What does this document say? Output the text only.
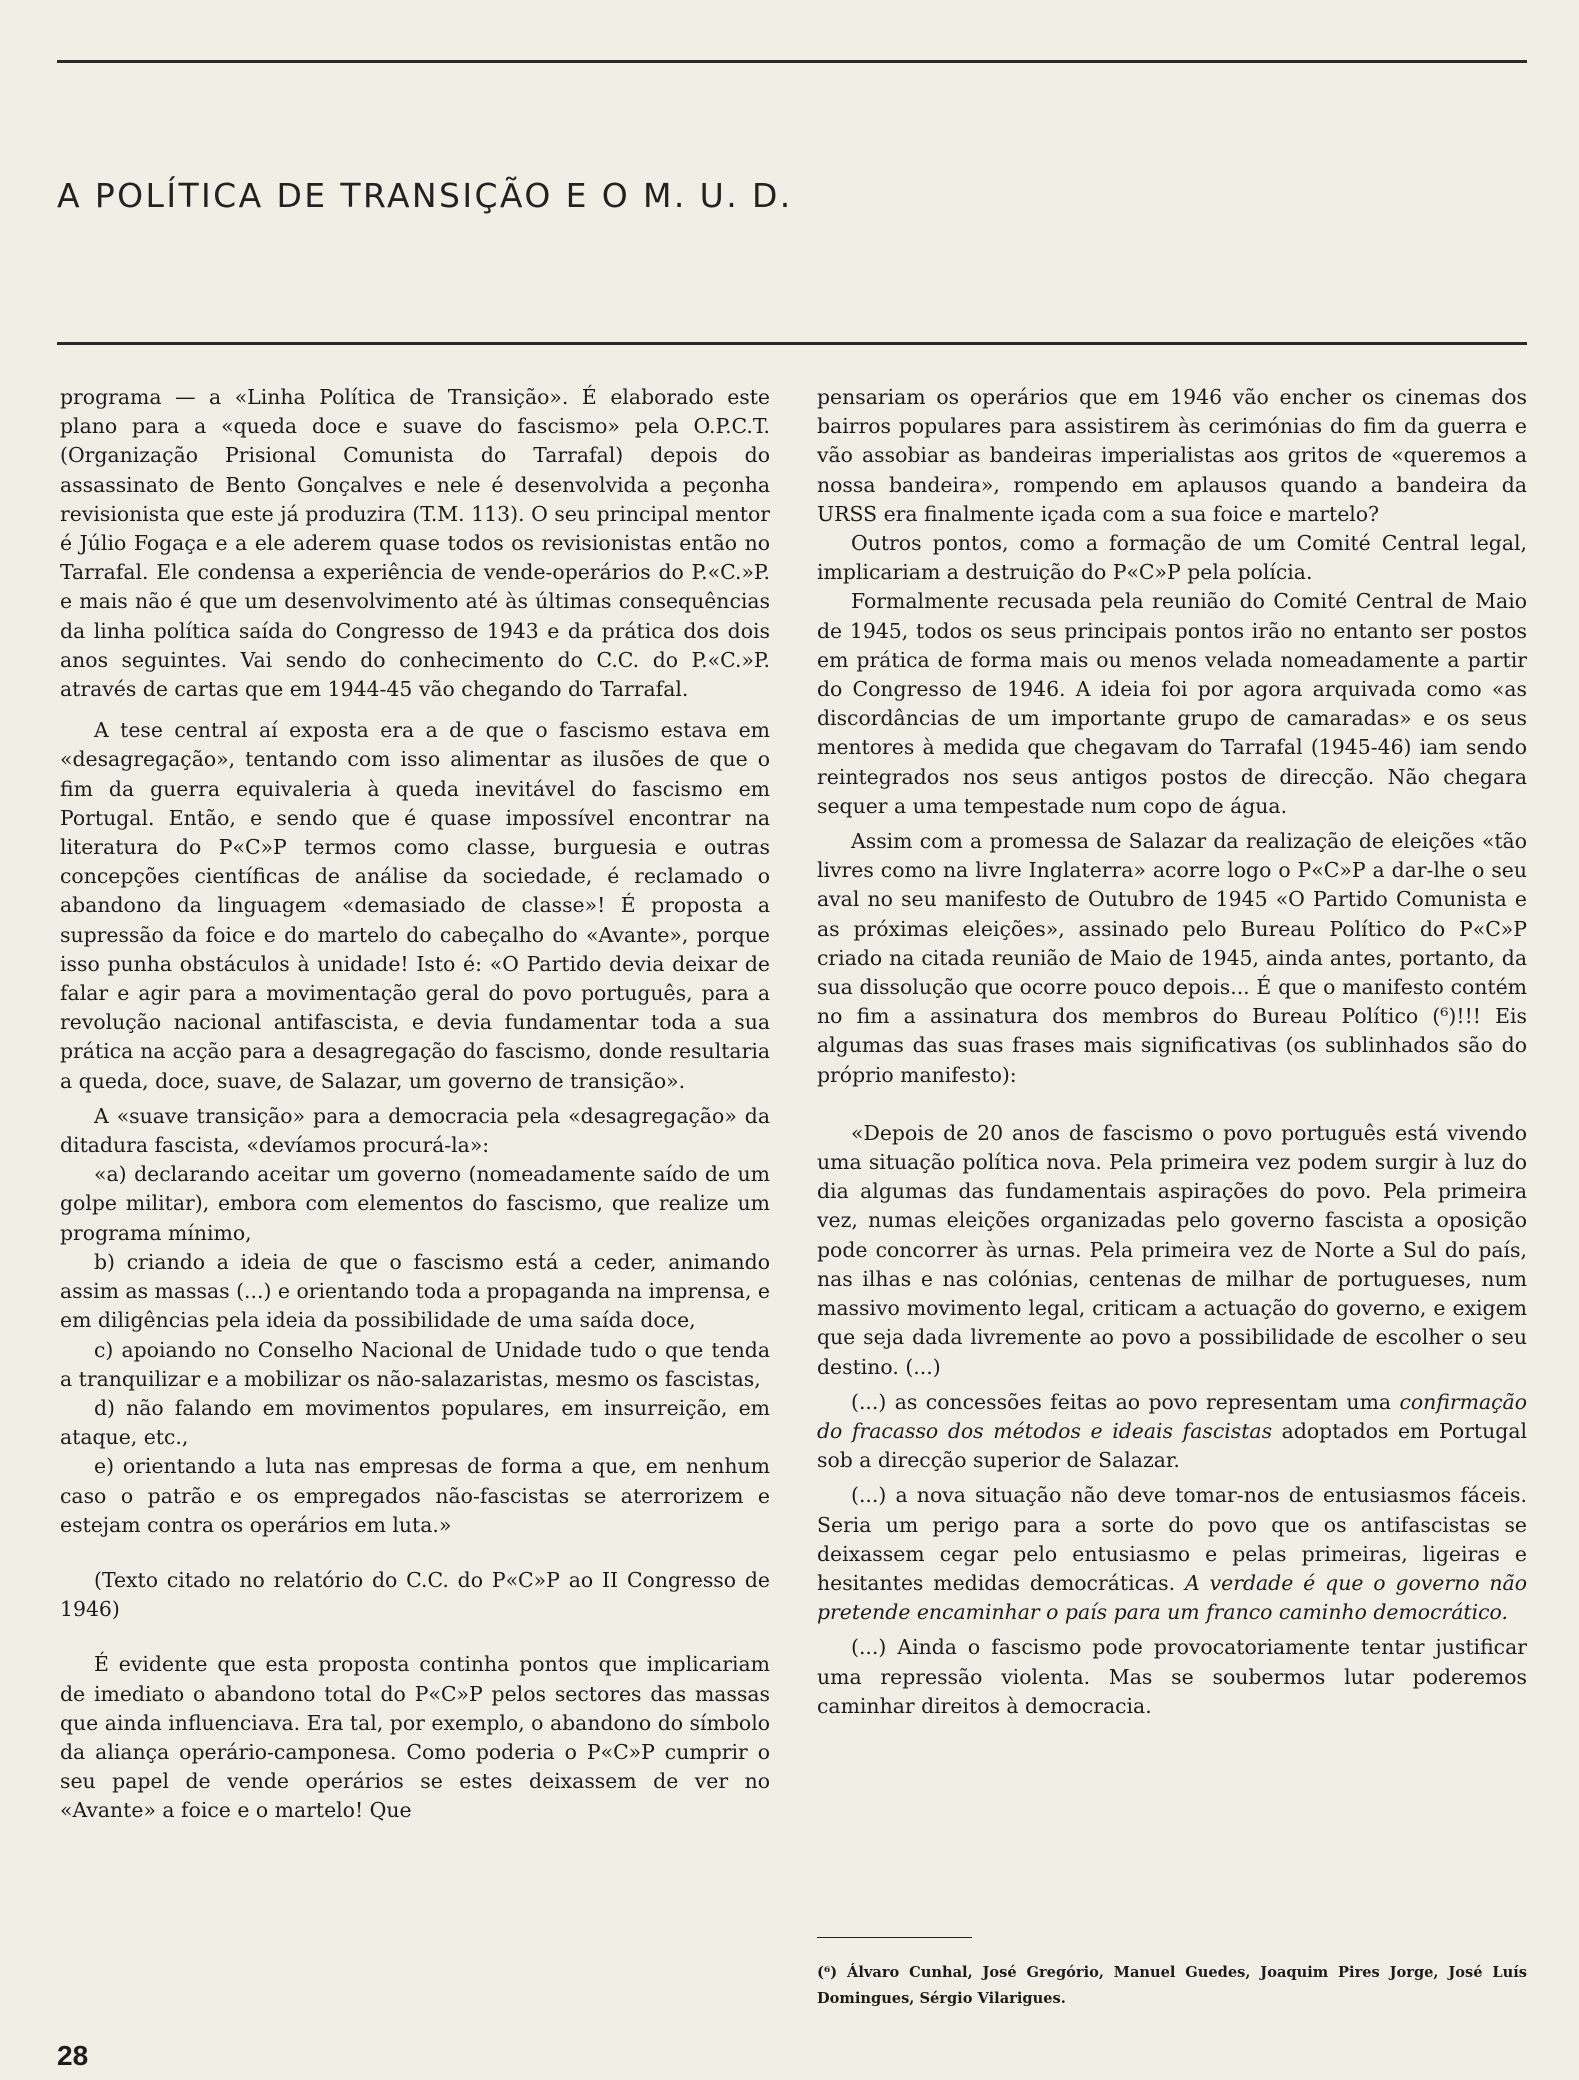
A POLÍTICA DE TRANSIÇÃO E O M. U. D.

programa — a «Linha Política de Transição». É elaborado este plano para a «queda doce e suave do fascismo» pela O.P.C.T. (Organização Prisional Comunista do Tarrafal) depois do assassinato de Bento Gonçalves e nele é desenvolvida a peçonha revisionista que este já produzira (T.M. 113). O seu principal mentor é Júlio Fogaça e a ele aderem quase todos os revisionistas então no Tarrafal. Ele condensa a experiência de vende-operários do P.«C.»P. e mais não é que um desenvolvimento até às últimas consequências da linha política saída do Congresso de 1943 e da prática dos dois anos seguintes. Vai sendo do conhecimento do C.C. do P.«C.»P. através de cartas que em 1944-45 vão chegando do Tarrafal.

A tese central aí exposta era a de que o fascismo estava em «desagregação», tentando com isso alimentar as ilusões de que o fim da guerra equivaleria à queda inevitável do fascismo em Portugal. Então, e sendo que é quase impossível encontrar na literatura do P«C»P termos como classe, burguesia e outras concepções científicas de análise da sociedade, é reclamado o abandono da linguagem «demasiado de classe»! É proposta a supressão da foice e do martelo do cabeçalho do «Avante», porque isso punha obstáculos à unidade! Isto é: «O Partido devia deixar de falar e agir para a movimentação geral do povo português, para a revolução nacional antifascista, e devia fundamentar toda a sua prática na acção para a desagregação do fascismo, donde resultaria a queda, doce, suave, de Salazar, um governo de transição».

A «suave transição» para a democracia pela «desagregação» da ditadura fascista, «devíamos procurá-la»:

«a) declarando aceitar um governo (nomeadamente saído de um golpe militar), embora com elementos do fascismo, que realize um programa mínimo,

b) criando a ideia de que o fascismo está a ceder, animando assim as massas (...) e orientando toda a propaganda na imprensa, e em diligências pela ideia da possibilidade de uma saída doce,

c) apoiando no Conselho Nacional de Unidade tudo o que tenda a tranquilizar e a mobilizar os não-salazaristas, mesmo os fascistas,

d) não falando em movimentos populares, em insurreição, em ataque, etc.,

e) orientando a luta nas empresas de forma a que, em nenhum caso o patrão e os empregados não-fascistas se aterrorizem e estejam contra os operários em luta.»

(Texto citado no relatório do C.C. do P«C»P ao II Congresso de 1946)

É evidente que esta proposta continha pontos que implicariam de imediato o abandono total do P«C»P pelos sectores das massas que ainda influenciava. Era tal, por exemplo, o abandono do símbolo da aliança operário-camponesa. Como poderia o P«C»P cumprir o seu papel de vende operários se estes deixassem de ver no «Avante» a foice e o martelo! Que

pensariam os operários que em 1946 vão encher os cinemas dos bairros populares para assistirem às cerimónias do fim da guerra e vão assobiar as bandeiras imperialistas aos gritos de «queremos a nossa bandeira», rompendo em aplausos quando a bandeira da URSS era finalmente içada com a sua foice e martelo?

Outros pontos, como a formação de um Comité Central legal, implicariam a destruição do P«C»P pela polícia.

Formalmente recusada pela reunião do Comité Central de Maio de 1945, todos os seus principais pontos irão no entanto ser postos em prática de forma mais ou menos velada nomeadamente a partir do Congresso de 1946. A ideia foi por agora arquivada como «as discordâncias de um importante grupo de camaradas» e os seus mentores à medida que chegavam do Tarrafal (1945-46) iam sendo reintegrados nos seus antigos postos de direcção. Não chegara sequer a uma tempestade num copo de água.

Assim com a promessa de Salazar da realização de eleições «tão livres como na livre Inglaterra» acorre logo o P«C»P a dar-lhe o seu aval no seu manifesto de Outubro de 1945 «O Partido Comunista e as próximas eleições», assinado pelo Bureau Político do P«C»P criado na citada reunião de Maio de 1945, ainda antes, portanto, da sua dissolução que ocorre pouco depois... É que o manifesto contém no fim a assinatura dos membros do Bureau Político (⁶)!!! Eis algumas das suas frases mais significativas (os sublinhados são do próprio manifesto):

«Depois de 20 anos de fascismo o povo português está vivendo uma situação política nova. Pela primeira vez podem surgir à luz do dia algumas das fundamentais aspirações do povo. Pela primeira vez, numas eleições organizadas pelo governo fascista a oposição pode concorrer às urnas. Pela primeira vez de Norte a Sul do país, nas ilhas e nas colónias, centenas de milhar de portugueses, num massivo movimento legal, criticam a actuação do governo, e exigem que seja dada livremente ao povo a possibilidade de escolher o seu destino. (...)

(...) as concessões feitas ao povo representam uma confirmação do fracasso dos métodos e ideais fascistas adoptados em Portugal sob a direcção superior de Salazar.

(...) a nova situação não deve tomar-nos de entusiasmos fáceis. Seria um perigo para a sorte do povo que os antifascistas se deixassem cegar pelo entusiasmo e pelas primeiras, ligeiras e hesitantes medidas democráticas. A verdade é que o governo não pretende encaminhar o país para um franco caminho democrático.

(...) Ainda o fascismo pode provocatoriamente tentar justificar uma repressão violenta. Mas se soubermos lutar poderemos caminhar direitos à democracia.

(⁶) Álvaro Cunhal, José Gregório, Manuel Guedes, Joaquim Pires Jorge, José Luís Domingues, Sérgio Vilarigues.

28
